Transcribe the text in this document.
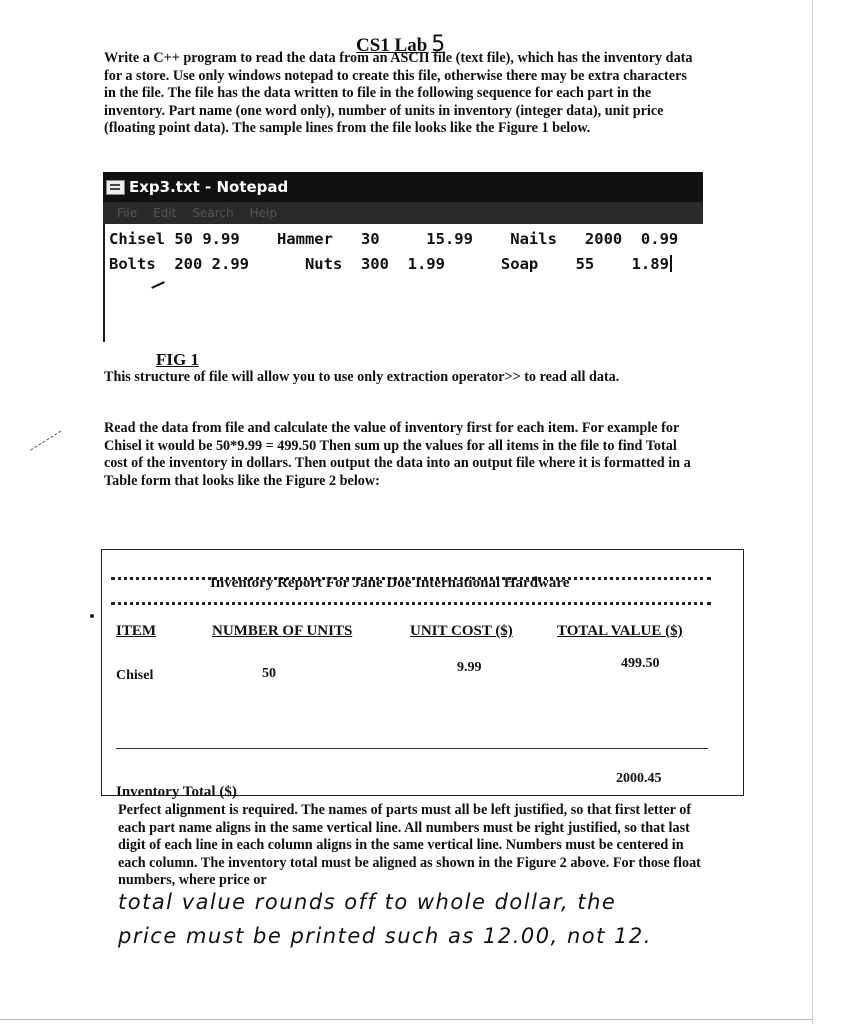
CS1 Lab 5

Write a C++ program to read the data from an ASCII file (text file), which has the inventory data for a store. Use only windows notepad to create this file, otherwise there may be extra characters in the file. The file has the data written to file in the following sequence for each part in the inventory. Part name (one word only), number of units in inventory (integer data), unit price (floating point data). The sample lines from the file looks like the Figure 1 below.

Exp3.txt - Notepad
File Edit Search Help
Chisel 50 9.99    Hammer   30     15.99    Nails   2000  0.99
Bolts  200 2.99      Nuts  300  1.99      Soap    55    1.89
FIG 1

This structure of file will allow you to use only extraction operator>> to read all data.

Read the data from file and calculate the value of inventory first for each item. For example for Chisel it would be 50*9.99 = 499.50 Then sum up the values for all items in the file to find Total cost of the inventory in dollars. Then output the data into an output file where it is formatted in a Table form that looks like the Figure 2 below:

Inventory Report For Jane Doe International Hardware
ITEM	NUMBER OF UNITS	UNIT COST ($)	TOTAL VALUE ($)
Chisel	50	9.99	499.50
Inventory Total ($)
2000.45

Perfect alignment is required. The names of parts must all be left justified, so that first letter of each part name aligns in the same vertical line. All numbers must be right justified, so that last digit of each line in each column aligns in the same vertical line. Numbers must be centered in each column. The inventory total must be aligned as shown in the Figure 2 above. For those float numbers, where price or

total value rounds off to whole dollar, the
price must be printed such as 12.00, not 12.
